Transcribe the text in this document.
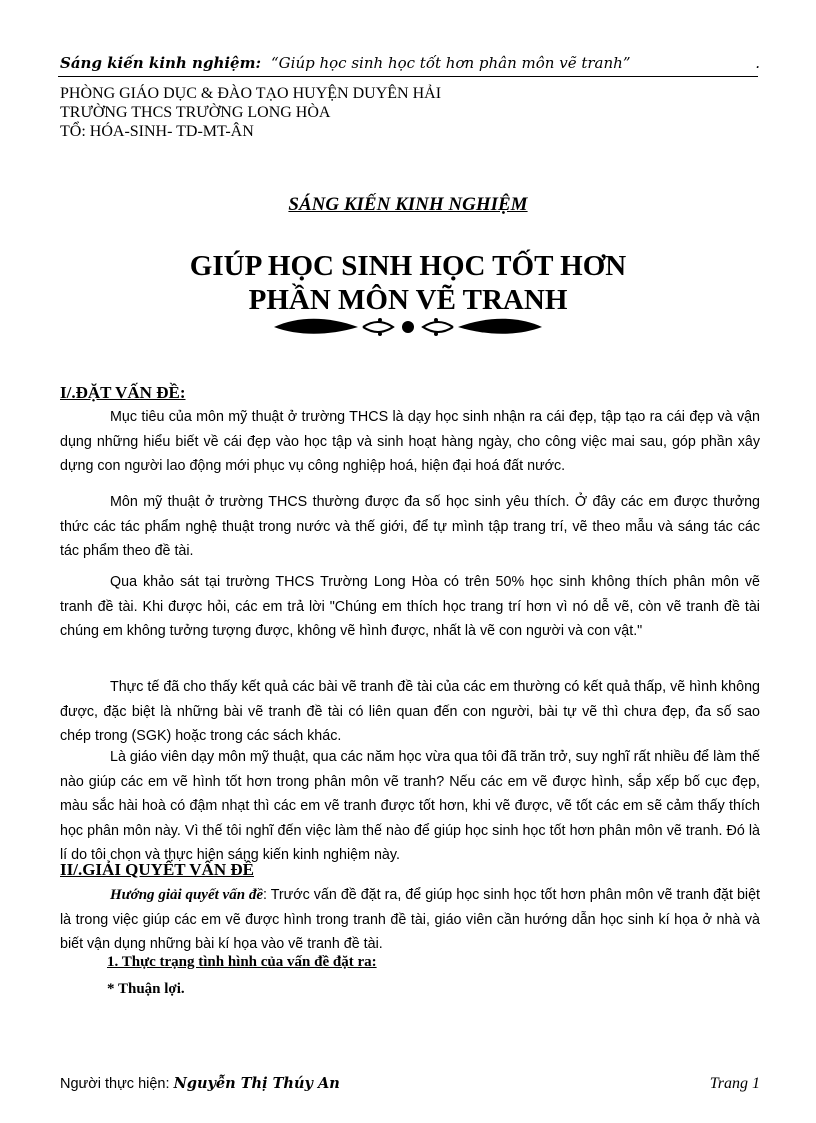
Sáng kiến kinh nghiệm: “Giúp học sinh học tốt hơn phân môn vẽ tranh”	.
PHÒNG GIÁO DỤC & ĐÀO TẠO HUYỆN DUYÊN HẢI
TRƯỜNG THCS TRƯỜNG LONG HÒA
TỔ: HÓA-SINH- TD-MT-ÂN
SÁNG KIẾN KINH NGHIỆM
GIÚP HỌC SINH HỌC TỐT HƠN
PHẦN MÔN VẼ TRANH
I/.ĐẶT VẤN ĐỀ:
Mục tiêu của môn mỹ thuật ở trường THCS là dạy học sinh nhận ra cái đẹp, tập tạo ra cái đẹp và vận dụng những hiểu biết về cái đẹp vào học tập và sinh hoạt hàng ngày, cho công việc mai sau, góp phần xây dựng con người lao động mới phục vụ công nghiệp hoá, hiện đại hoá đất nước.
Môn mỹ thuật ở trường THCS thường được đa số học sinh yêu thích. Ở đây các em được thưởng thức các tác phẩm nghệ thuật trong nước và thế giới, để tự mình tập trang trí, vẽ theo mẫu và sáng tác các tác phẩm theo đề tài.
Qua khảo sát tại trường THCS Trường Long Hòa có trên 50% học sinh không thích phân môn vẽ tranh đề tài. Khi được hỏi, các em trả lời "Chúng em thích học trang trí hơn vì nó dễ vẽ, còn vẽ tranh đề tài chúng em không tưởng tượng được, không vẽ hình được, nhất là vẽ con người và con vật."
Thực tế đã cho thấy kết quả các bài vẽ tranh đề tài của các em thường có kết quả thấp, vẽ hình không được, đặc biệt là những bài vẽ tranh đề tài có liên quan đến con người, bài tự vẽ thì chưa đẹp, đa số sao chép trong (SGK) hoặc trong các sách khác.
Là giáo viên dạy môn mỹ thuật, qua các năm học vừa qua tôi đã trăn trở, suy nghĩ rất nhiều để làm thế nào giúp các em vẽ hình tốt hơn trong phân môn vẽ tranh? Nếu các em vẽ được hình, sắp xếp bố cục đẹp, màu sắc hài hoà có đậm nhạt thì các em vẽ tranh được tốt hơn, khi vẽ được, vẽ tốt các em sẽ cảm thấy thích học phân môn này. Vì thế tôi nghĩ đến việc làm thế nào để giúp học sinh học tốt hơn phân môn vẽ tranh. Đó là lí do tôi chọn và thực hiện sáng kiến kinh nghiệm này.
II/.GIẢI QUYẾT VẤN ĐỀ
Hướng giải quyết vấn đề: Trước vấn đề đặt ra, để giúp học sinh học tốt hơn phân môn vẽ tranh đặt biệt là trong việc giúp các em vẽ được hình trong tranh đề tài, giáo viên cần hướng dẫn học sinh kí họa ở nhà và biết vận dụng những bài kí họa vào vẽ tranh đề tài.
1. Thực trạng tình hình của vấn đề đặt ra:
* Thuận lợi.
Người thực hiện: Nguyễn Thị Thúy An	Trang 1
